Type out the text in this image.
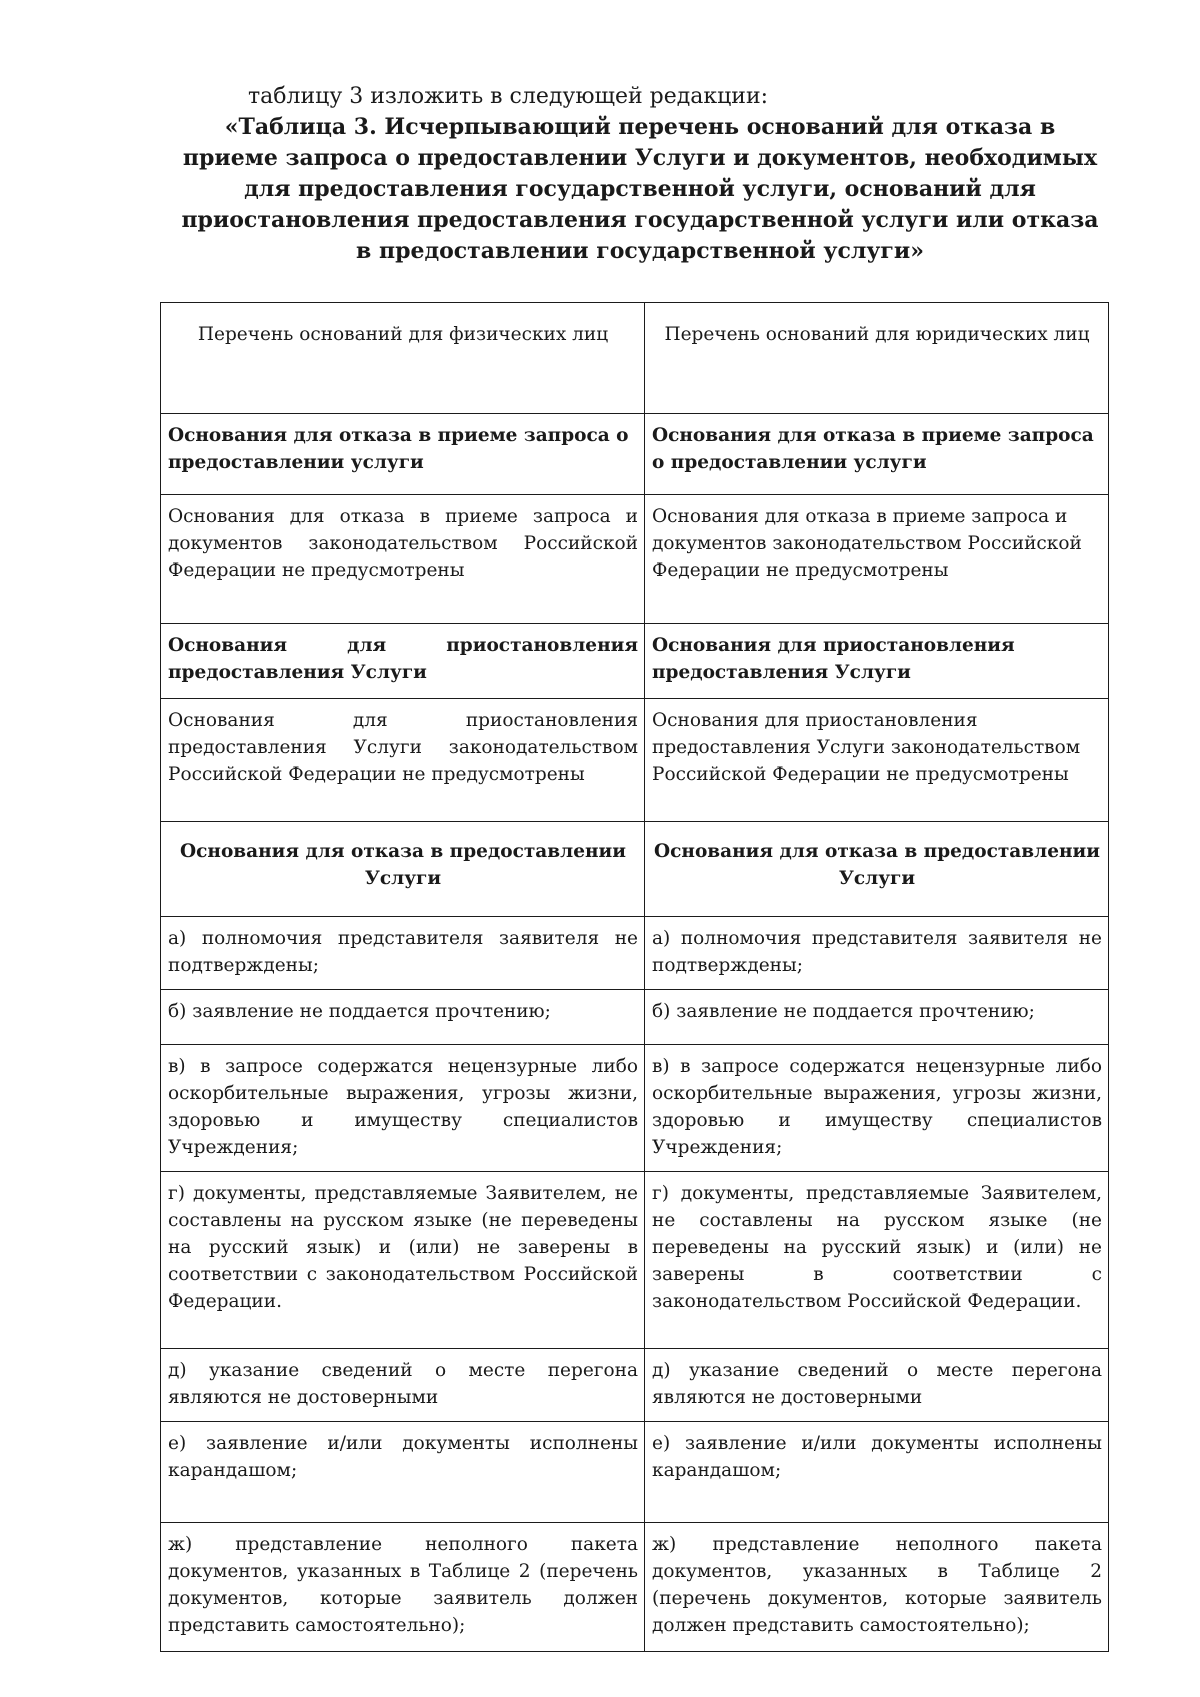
таблицу 3 изложить в следующей редакции:
«Таблица 3. Исчерпывающий перечень оснований для отказа в приеме запроса о предоставлении Услуги и документов, необходимых для предоставления государственной услуги, оснований для приостановления предоставления государственной услуги или отказа в предоставлении государственной услуги»
Перечень оснований для физических лиц	Перечень оснований для юридических лиц
Основания для отказа в приеме запроса о предоставлении услуги	Основания для отказа в приеме запроса о предоставлении услуги
Основания для отказа в приеме запроса и документов законодательством Российской Федерации не предусмотрены	Основания для отказа в приеме запроса и документов законодательством Российской Федерации не предусмотрены
Основания для приостановления предоставления Услуги	Основания для приостановления предоставления Услуги
Основания для приостановления предоставления Услуги законодательством Российской Федерации не предусмотрены	Основания для приостановления предоставления Услуги законодательством Российской Федерации не предусмотрены
Основания для отказа в предоставлении Услуги	Основания для отказа в предоставлении Услуги
а) полномочия представителя заявителя не подтверждены;	а) полномочия представителя заявителя не подтверждены;
б) заявление не поддается прочтению;	б) заявление не поддается прочтению;
в) в запросе содержатся нецензурные либо оскорбительные выражения, угрозы жизни, здоровью и имуществу специалистов Учреждения;	в) в запросе содержатся нецензурные либо оскорбительные выражения, угрозы жизни, здоровью и имуществу специалистов Учреждения;
г) документы, представляемые Заявителем, не составлены на русском языке (не переведены на русский язык) и (или) не заверены в соответствии с законодательством Российской Федерации.	г) документы, представляемые Заявителем, не составлены на русском языке (не переведены на русский язык) и (или) не заверены в соответствии с законодательством Российской Федерации.
д) указание сведений о месте перегона являются не достоверными	д) указание сведений о месте перегона являются не достоверными
е) заявление и/или документы исполнены карандашом;	е) заявление и/или документы исполнены карандашом;
ж) представление неполного пакета документов, указанных в Таблице 2 (перечень документов, которые заявитель должен представить самостоятельно);	ж) представление неполного пакета документов, указанных в Таблице 2 (перечень документов, которые заявитель должен представить самостоятельно);
